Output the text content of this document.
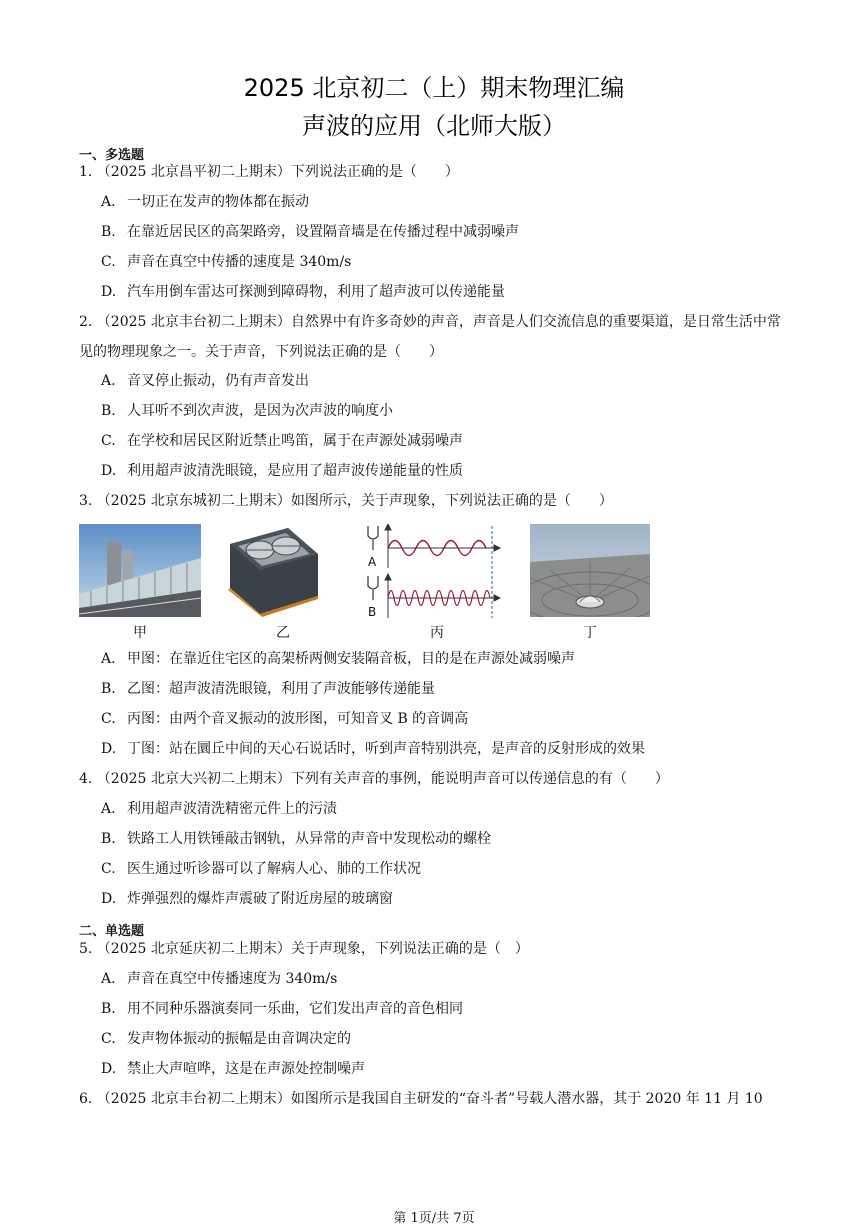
2025 北京初二（上）期末物理汇编
声波的应用（北师大版）
一、多选题
1. （2025 北京昌平初二上期末）下列说法正确的是（　　）
A. 一切正在发声的物体都在振动
B. 在靠近居民区的高架路旁，设置隔音墙是在传播过程中减弱噪声
C. 声音在真空中传播的速度是 340m/s
D. 汽车用倒车雷达可探测到障碍物，利用了超声波可以传递能量
2. （2025 北京丰台初二上期末）自然界中有许多奇妙的声音，声音是人们交流信息的重要渠道，是日常生活中常见的物理现象之一。关于声音，下列说法正确的是（　　）
A. 音叉停止振动，仍有声音发出
B. 人耳听不到次声波，是因为次声波的响度小
C. 在学校和居民区附近禁止鸣笛，属于在声源处减弱噪声
D. 利用超声波清洗眼镜，是应用了超声波传递能量的性质
3. （2025 北京东城初二上期末）如图所示，关于声现象，下列说法正确的是（　　）
A
B
甲	乙	丙	丁
A. 甲图：在靠近住宅区的高架桥两侧安装隔音板，目的是在声源处减弱噪声
B. 乙图：超声波清洗眼镜，利用了声波能够传递能量
C. 丙图：由两个音叉振动的波形图，可知音叉 B 的音调高
D. 丁图：站在圜丘中间的天心石说话时，听到声音特别洪亮，是声音的反射形成的效果
4. （2025 北京大兴初二上期末）下列有关声音的事例，能说明声音可以传递信息的有（　　）
A. 利用超声波清洗精密元件上的污渍
B. 铁路工人用铁锤敲击钢轨，从异常的声音中发现松动的螺栓
C. 医生通过听诊器可以了解病人心、肺的工作状况
D. 炸弹强烈的爆炸声震破了附近房屋的玻璃窗
二、单选题
5. （2025 北京延庆初二上期末）关于声现象，下列说法正确的是（　）
A. 声音在真空中传播速度为 340m/s
B. 用不同种乐器演奏同一乐曲，它们发出声音的音色相同
C. 发声物体振动的振幅是由音调决定的
D. 禁止大声喧哗，这是在声源处控制噪声
6. （2025 北京丰台初二上期末）如图所示是我国自主研发的“奋斗者”号载人潜水器，其于 2020 年 11 月 10
第 1页/共 7页
